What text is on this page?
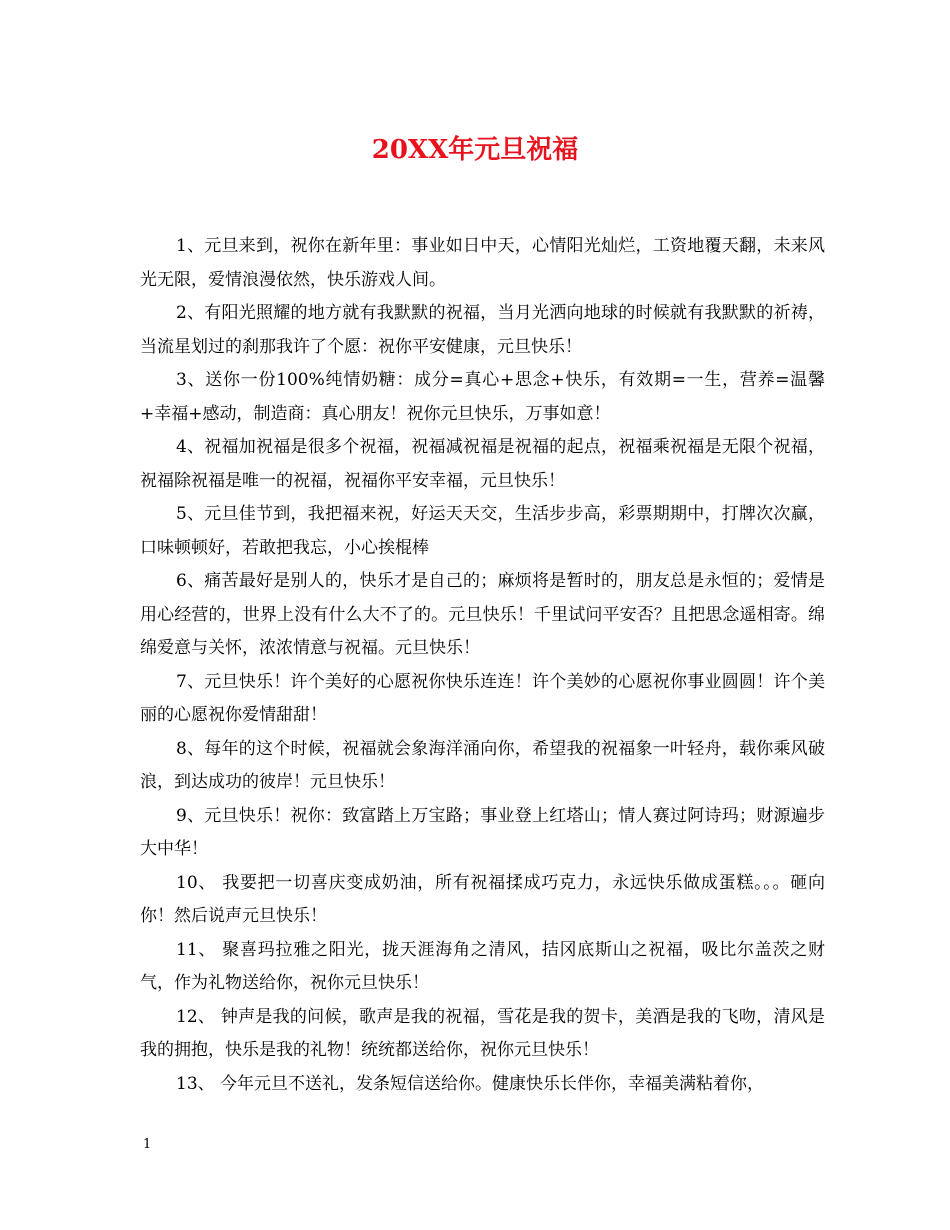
20XX年元旦祝福

1、元旦来到，祝你在新年里：事业如日中天，心情阳光灿烂，工资地覆天翻，未来风光无限，爱情浪漫依然，快乐游戏人间。

2、有阳光照耀的地方就有我默默的祝福，当月光洒向地球的时候就有我默默的祈祷，当流星划过的刹那我许了个愿：祝你平安健康，元旦快乐！

3、送你一份100%纯情奶糖：成分=真心+思念+快乐，有效期=一生，营养=温馨+幸福+感动，制造商：真心朋友！祝你元旦快乐，万事如意！

4、祝福加祝福是很多个祝福，祝福减祝福是祝福的起点，祝福乘祝福是无限个祝福，祝福除祝福是唯一的祝福，祝福你平安幸福，元旦快乐！

5、元旦佳节到，我把福来祝，好运天天交，生活步步高，彩票期期中，打牌次次赢，口味顿顿好，若敢把我忘，小心挨棍棒

6、痛苦最好是别人的，快乐才是自己的；麻烦将是暂时的，朋友总是永恒的；爱情是用心经营的，世界上没有什么大不了的。元旦快乐！千里试问平安否？且把思念遥相寄。绵绵爱意与关怀，浓浓情意与祝福。元旦快乐！

7、元旦快乐！许个美好的心愿祝你快乐连连！许个美妙的心愿祝你事业圆圆！许个美丽的心愿祝你爱情甜甜！

8、每年的这个时候，祝福就会象海洋涌向你，希望我的祝福象一叶轻舟，载你乘风破浪，到达成功的彼岸！元旦快乐！

9、元旦快乐！祝你：致富踏上万宝路；事业登上红塔山；情人赛过阿诗玛；财源遍步大中华！

10、 我要把一切喜庆变成奶油，所有祝福揉成巧克力，永远快乐做成蛋糕。。。砸向你！然后说声元旦快乐！

11、 聚喜玛拉雅之阳光，拢天涯海角之清风，拮冈底斯山之祝福，吸比尔盖茨之财气，作为礼物送给你，祝你元旦快乐！

12、 钟声是我的问候，歌声是我的祝福，雪花是我的贺卡，美酒是我的飞吻，清风是我的拥抱，快乐是我的礼物！统统都送给你，祝你元旦快乐！

13、 今年元旦不送礼，发条短信送给你。健康快乐长伴你，幸福美满粘着你，

1
